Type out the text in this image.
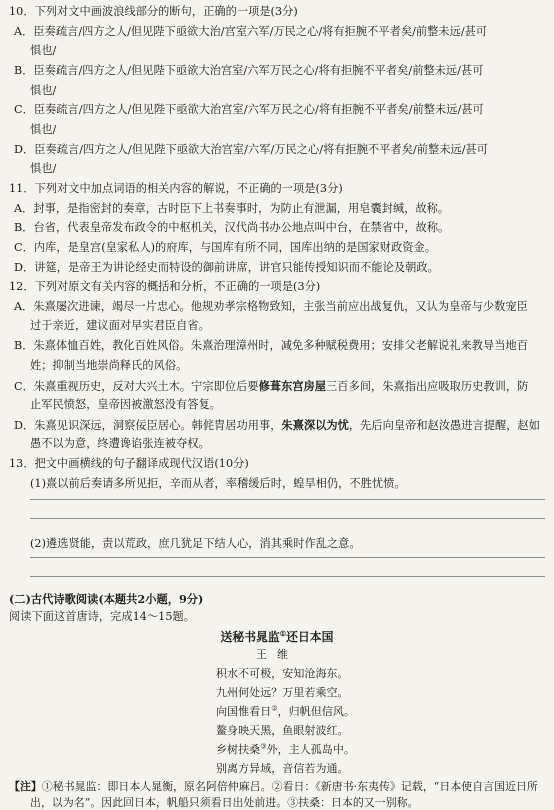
10．下列对文中画波浪线部分的断句，正确的一项是(3分)
A．臣奏疏言/四方之人/但见陛下亟欲大治/宫室六军/万民之心/将有拒腕不平者矣/前整未远/甚可
惧也/
B．臣奏疏言/四方之人/但见陛下亟欲大治宫室/六军万民之心/将有拒腕不平者矣/前整未远/甚可
惧也/
C．臣奏疏言/四方之人/但见陛下亟欲大治宫室/六军万民之心/将有拒腕不平者矣/前整未远/甚可
惧也/
D．臣奏疏言/四方之人/但见陛下亟欲大治宫室/六军/万民之心/将有拒腕不平者矣/前整未远/甚可
惧也/
11．下列对文中加点词语的相关内容的解说，不正确的一项是(3分)
A．封事，是指密封的奏章，古时臣下上书奏事时，为防止有泄漏，用皂囊封缄，故称。
B．台省，代表皇帝发布政令的中枢机关，汉代尚书办公地点叫中台，在禁省中，故称。
C．内库，是皇宫(皇家私人)的府库，与国库有所不同，国库出纳的是国家财政资金。
D．讲筵，是帝王为讲论经史而特设的御前讲席，讲官只能传授知识而不能论及朝政。
12．下列对原文有关内容的概括和分析，不正确的一项是(3分)
A．朱熹屡次进谏，竭尽一片忠心。他规劝孝宗格物致知，主张当前应出战复仇，又认为皇帝与少数宠臣
过于亲近，建议面对早实君臣自省。
B．朱熹体恤百姓，教化百姓风俗。朱熹治理漳州时，减免多种赋税费用；安排父老解说礼来教导当地百
姓；抑制当地崇尚释氏的风俗。
C．朱熹重视历史，反对大兴土木。宁宗即位后要修葺东宫房屋三百多间，朱熹指出应吸取历史教训，防
止军民愤怒，皇帝因被激怒没有答复。
D．朱熹见识深远，洞察佞臣居心。韩侂胄居功用事，朱熹深以为忧，先后向皇帝和赵汝愚进言提醒，赵如
愚不以为意，终遭谗谄张连被夺权。
13．把文中画横线的句子翻译成现代汉语(10分)
(1)熹以前后奏请多所见拒，辛而从者，率稽缓后时，蝗旱相仍，不胜忧愤。
(2)遴选贤能，责以荒政，庶几犹足下结人心，消其乘时作乱之意。
(二)古代诗歌阅读(本题共2小题，9分)
阅读下面这首唐诗，完成14～15题。
送秘书晁监①还日本国
王维
积水不可极，安知沧海东。
九州何处远？万里若乘空。
向国惟看日②，归帆但信风。
鳌身映天黑，鱼眼射波红。
乡树扶桑③外，主人孤岛中。
别离方异域，音信若为通。
【注】①秘书晁监：即日本人晁衡，原名阿倍仲麻吕。②看日：《新唐书·东夷传》记载，“日本使自言国近日所
出，以为名”。因此回日本，帆船只须看日出处前进。③扶桑：日本的又一别称。
